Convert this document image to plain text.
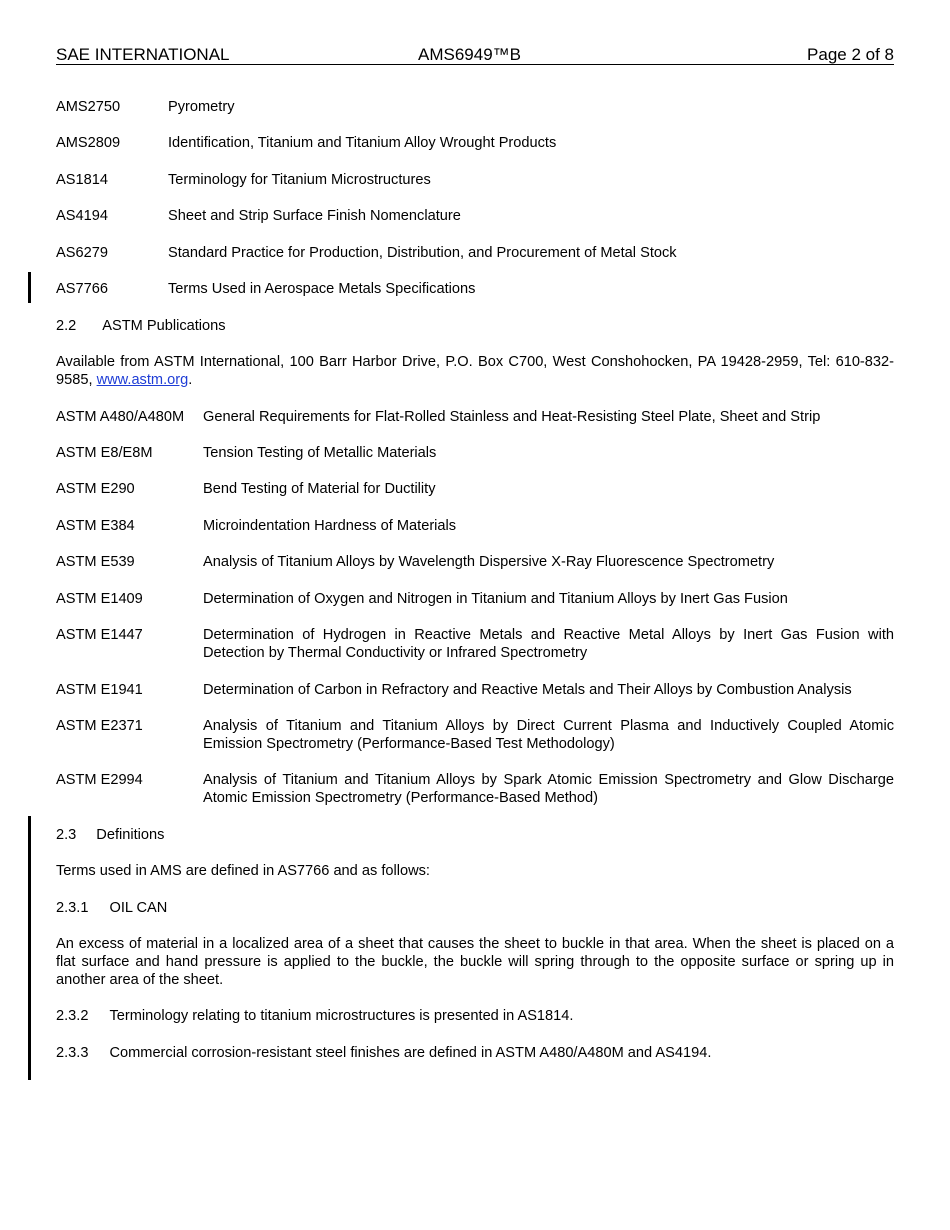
SAE INTERNATIONAL	AMS6949™B	Page 2 of 8
AMS2750	Pyrometry
AMS2809	Identification, Titanium and Titanium Alloy Wrought Products
AS1814	Terminology for Titanium Microstructures
AS4194	Sheet and Strip Surface Finish Nomenclature
AS6279	Standard Practice for Production, Distribution, and Procurement of Metal Stock
AS7766	Terms Used in Aerospace Metals Specifications
2.2 ASTM Publications
Available from ASTM International, 100 Barr Harbor Drive, P.O. Box C700, West Conshohocken, PA 19428-2959, Tel: 610-832-9585, www.astm.org.
ASTM A480/A480M General Requirements for Flat-Rolled Stainless and Heat-Resisting Steel Plate, Sheet and Strip
ASTM E8/E8M	Tension Testing of Metallic Materials
ASTM E290	Bend Testing of Material for Ductility
ASTM E384	Microindentation Hardness of Materials
ASTM E539	Analysis of Titanium Alloys by Wavelength Dispersive X-Ray Fluorescence Spectrometry
ASTM E1409	Determination of Oxygen and Nitrogen in Titanium and Titanium Alloys by Inert Gas Fusion
ASTM E1447	Determination of Hydrogen in Reactive Metals and Reactive Metal Alloys by Inert Gas Fusion with Detection by Thermal Conductivity or Infrared Spectrometry
ASTM E1941	Determination of Carbon in Refractory and Reactive Metals and Their Alloys by Combustion Analysis
ASTM E2371	Analysis of Titanium and Titanium Alloys by Direct Current Plasma and Inductively Coupled Atomic Emission Spectrometry (Performance-Based Test Methodology)
ASTM E2994	Analysis of Titanium and Titanium Alloys by Spark Atomic Emission Spectrometry and Glow Discharge Atomic Emission Spectrometry (Performance-Based Method)
2.3 Definitions
Terms used in AMS are defined in AS7766 and as follows:
2.3.1 OIL CAN
An excess of material in a localized area of a sheet that causes the sheet to buckle in that area. When the sheet is placed on a flat surface and hand pressure is applied to the buckle, the buckle will spring through to the opposite surface or spring up in another area of the sheet.
2.3.2 Terminology relating to titanium microstructures is presented in AS1814.
2.3.3 Commercial corrosion-resistant steel finishes are defined in ASTM A480/A480M and AS4194.
